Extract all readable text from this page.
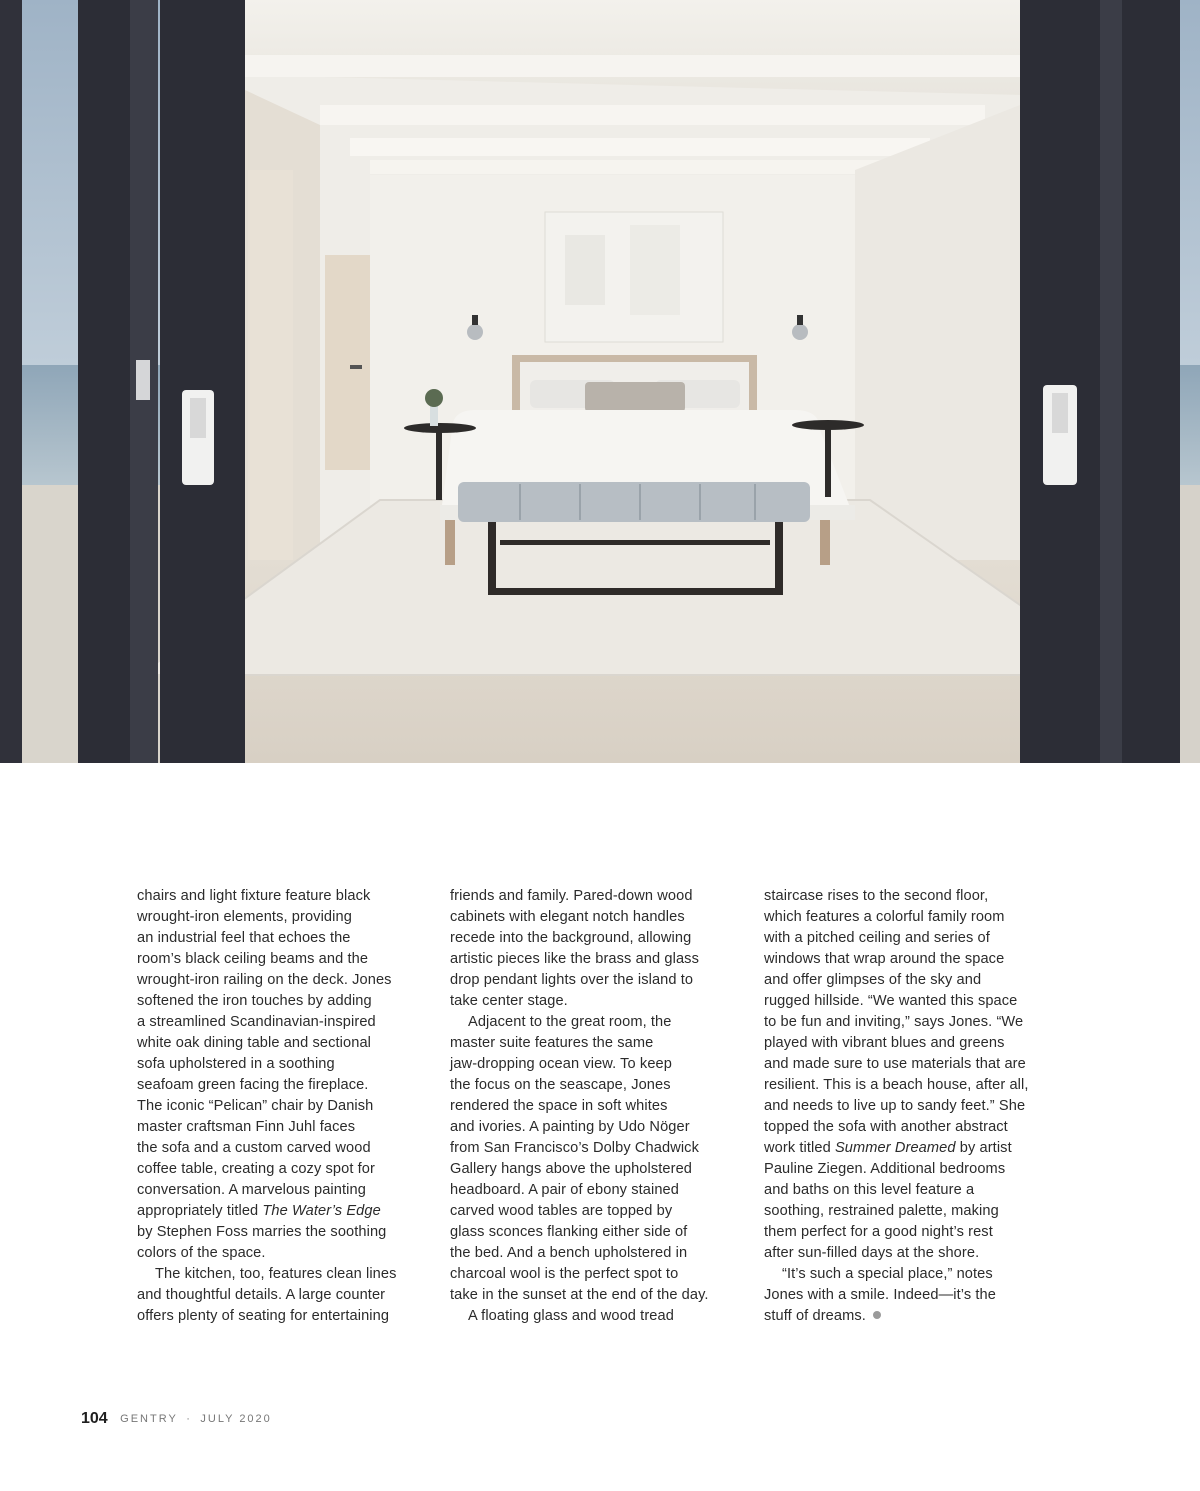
chairs and light fixture feature black
wrought-iron elements, providing
an industrial feel that echoes the
room’s black ceiling beams and the
wrought-iron railing on the deck. Jones
softened the iron touches by adding
a streamlined Scandinavian-inspired
white oak dining table and sectional
sofa upholstered in a soothing
seafoam green facing the fireplace.
The iconic “Pelican” chair by Danish
master craftsman Finn Juhl faces
the sofa and a custom carved wood
coffee table, creating a cozy spot for
conversation. A marvelous painting
appropriately titled The Water’s Edge
by Stephen Foss marries the soothing
colors of the space.

The kitchen, too, features clean lines
and thoughtful details. A large counter
offers plenty of seating for entertaining

friends and family. Pared-down wood
cabinets with elegant notch handles
recede into the background, allowing
artistic pieces like the brass and glass
drop pendant lights over the island to
take center stage.

Adjacent to the great room, the
master suite features the same
jaw-dropping ocean view. To keep
the focus on the seascape, Jones
rendered the space in soft whites
and ivories. A painting by Udo Nöger
from San Francisco’s Dolby Chadwick
Gallery hangs above the upholstered
headboard. A pair of ebony stained
carved wood tables are topped by
glass sconces flanking either side of
the bed. And a bench upholstered in
charcoal wool is the perfect spot to
take in the sunset at the end of the day.

A floating glass and wood tread

staircase rises to the second floor,
which features a colorful family room
with a pitched ceiling and series of
windows that wrap around the space
and offer glimpses of the sky and
rugged hillside. “We wanted this space
to be fun and inviting,” says Jones. “We
played with vibrant blues and greens
and made sure to use materials that are
resilient. This is a beach house, after all,
and needs to live up to sandy feet.” She
topped the sofa with another abstract
work titled Summer Dreamed by artist
Pauline Ziegen. Additional bedrooms
and baths on this level feature a
soothing, restrained palette, making
them perfect for a good night’s rest
after sun-filled days at the shore.

“It’s such a special place,” notes
Jones with a smile. Indeed—it’s the
stuff of dreams.

104 GENTRY · JULY 2020
